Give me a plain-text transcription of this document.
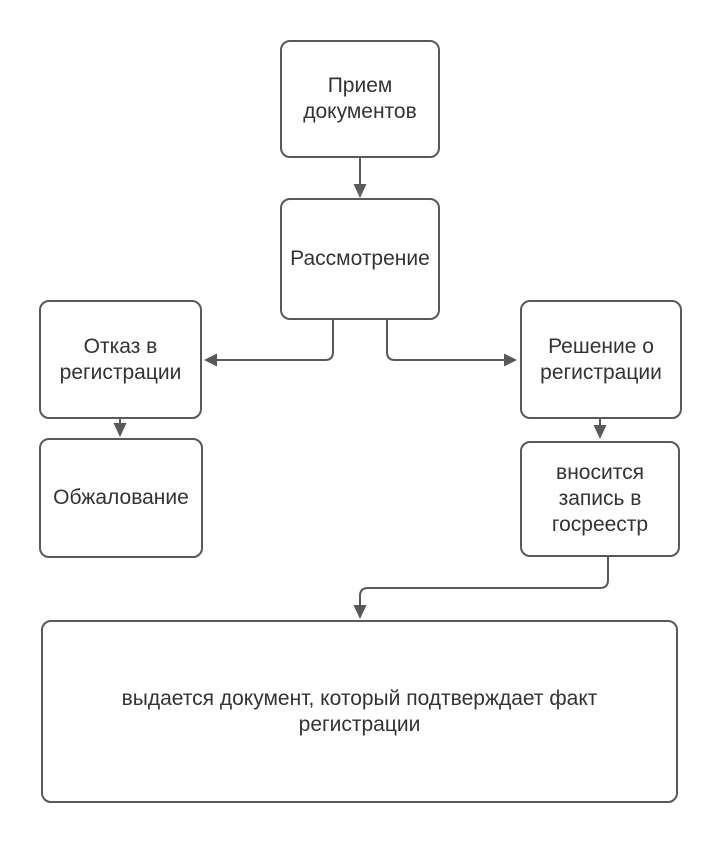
Прием документов
Рассмотрение
Отказ в регистрации
Обжалование
Решение о регистрации
вносится запись в госреестр
выдается документ, который подтверждает факт регистрации
